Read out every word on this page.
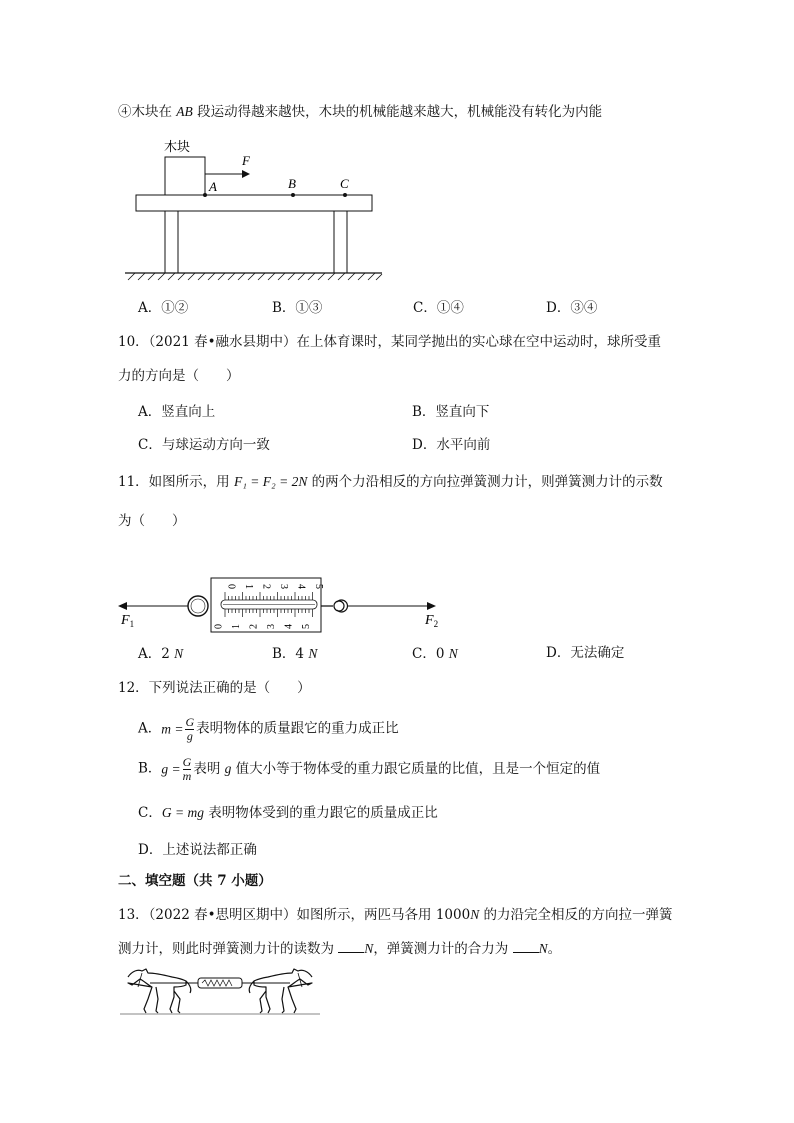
④木块在 AB 段运动得越来越快，木块的机械能越来越大，机械能没有转化为内能
木块
F
A	B	C
A．①②	B．①③	C．①④	D．③④
10．（2021 春•融水县期中）在上体育课时，某同学抛出的实心球在空中运动时，球所受重
力的方向是（　　）
A．竖直向上	B．竖直向下
C．与球运动方向一致	D．水平向前
11．如图所示，用 F₁ = F₂ = 2N 的两个力沿相反的方向拉弹簧测力计，则弹簧测力计的示数
为（　　）
$F_1$
0 1 2 3 4 5
0 1 2 3 4 5	$F_2$
A．2 N	B．4 N	C．0 N	D．无法确定
12．下列说法正确的是（　　）
A．$m = \frac{G}{g}$ 表明物体的质量跟它的重力成正比
B．$g = \frac{G}{m}$ 表明 g 值大小等于物体受的重力跟它质量的比值，且是一个恒定的值
C．G = mg 表明物体受到的重力跟它的质量成正比
D．上述说法都正确
二、填空题（共 7 小题）
13．（2022 春•思明区期中）如图所示，两匹马各用 1000N 的力沿完全相反的方向拉一弹簧
测力计，则此时弹簧测力计的读数为 N，弹簧测力计的合力为 N。
